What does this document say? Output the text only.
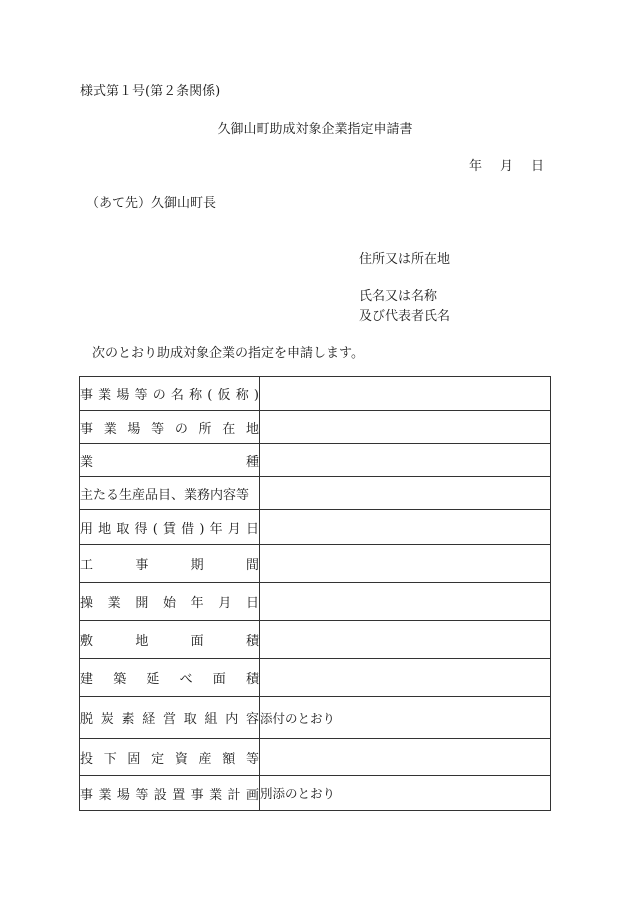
様式第１号(第２条関係)
久御山町助成対象企業指定申請書
年 月 日
（あて先）久御山町長
住所又は所在地
氏名又は名称
及び代表者氏名
次のとおり助成対象企業の指定を申請します。
事業場等の名称(仮称)	

事業場等の所在地	

業種	

主たる生産品目、業務内容等	

用地取得(賃借)年月日	

工事期間	

操業開始年月日	

敷地面積	

建築延べ面積	

脱炭素経営取組内容	添付のとおり

投下固定資産額等	

事業場等設置事業計画	別添のとおり
